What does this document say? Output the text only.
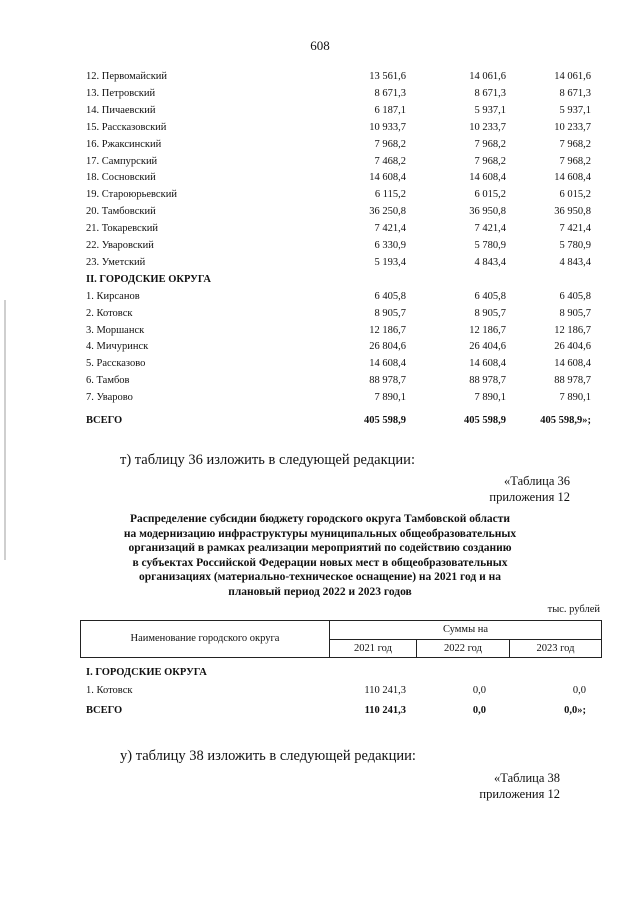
608
12. Первомайский	13 561,6	14 061,6	14 061,6
13. Петровский	8 671,3	8 671,3	8 671,3
14. Пичаевский	6 187,1	5 937,1	5 937,1
15. Рассказовский	10 933,7	10 233,7	10 233,7
16. Ржаксинский	7 968,2	7 968,2	7 968,2
17. Сампурский	7 468,2	7 968,2	7 968,2
18. Сосновский	14 608,4	14 608,4	14 608,4
19. Староюрьевский	6 115,2	6 015,2	6 015,2
20. Тамбовский	36 250,8	36 950,8	36 950,8
21. Токаревский	7 421,4	7 421,4	7 421,4
22. Уваровский	6 330,9	5 780,9	5 780,9
23. Уметский	5 193,4	4 843,4	4 843,4
II. ГОРОДСКИЕ ОКРУГА
1. Кирсанов	6 405,8	6 405,8	6 405,8
2. Котовск	8 905,7	8 905,7	8 905,7
3. Моршанск	12 186,7	12 186,7	12 186,7
4. Мичуринск	26 804,6	26 404,6	26 404,6
5. Рассказово	14 608,4	14 608,4	14 608,4
6. Тамбов	88 978,7	88 978,7	88 978,7
7. Уварово	7 890,1	7 890,1	7 890,1
ВСЕГО	405 598,9	405 598,9	405 598,9»;
т) таблицу 36 изложить в следующей редакции:
«Таблица 36
приложения 12
Распределение субсидии бюджету городского округа Тамбовской области
на модернизацию инфраструктуры муниципальных общеобразовательных
организаций в рамках реализации мероприятий по содействию созданию
в субъектах Российской Федерации новых мест в общеобразовательных
организациях (материально-техническое оснащение) на 2021 год и на
плановый период 2022 и 2023 годов
тыс. рублей
Наименование городского округа
Суммы на
2021 год	2022 год	2023 год
I. ГОРОДСКИЕ ОКРУГА
1. Котовск	110 241,3	0,0	0,0
ВСЕГО	110 241,3	0,0	0,0»;
у) таблицу 38 изложить в следующей редакции:
«Таблица 38
приложения 12
